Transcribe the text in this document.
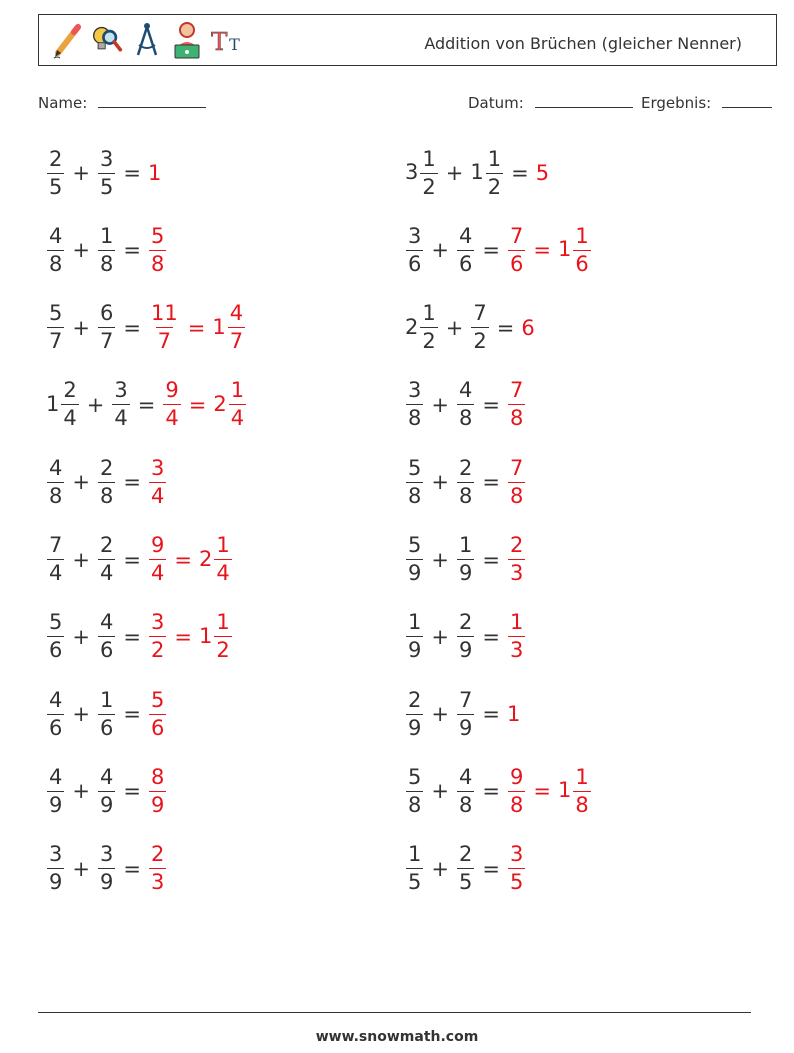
T T	Addition von Brüchen (gleicher Nenner)
Name:	Datum:	Ergebnis:
$\frac{2}{5} + \frac{3}{5} = 1$	$3 \frac{1}{2} + 1 \frac{1}{2} = 5$
$\frac{4}{8} + \frac{1}{8} = \frac{5}{8}$	$\frac{3}{6} + \frac{4}{6} = \frac{7}{6} = 1 \frac{1}{6}$
$\frac{5}{7} + \frac{6}{7} = \frac{11}{7} = 1 \frac{4}{7}$	$2 \frac{1}{2} + \frac{7}{2} = 6$
$1 \frac{2}{4} + \frac{3}{4} = \frac{9}{4} = 2 \frac{1}{4}$	$\frac{3}{8} + \frac{4}{8} = \frac{7}{8}$
$\frac{4}{8} + \frac{2}{8} = \frac{3}{4}$	$\frac{5}{8} + \frac{2}{8} = \frac{7}{8}$
$\frac{7}{4} + \frac{2}{4} = \frac{9}{4} = 2 \frac{1}{4}$	$\frac{5}{9} + \frac{1}{9} = \frac{2}{3}$
$\frac{5}{6} + \frac{4}{6} = \frac{3}{2} = 1 \frac{1}{2}$	$\frac{1}{9} + \frac{2}{9} = \frac{1}{3}$
$\frac{4}{6} + \frac{1}{6} = \frac{5}{6}$	$\frac{2}{9} + \frac{7}{9} = 1$
$\frac{4}{9} + \frac{4}{9} = \frac{8}{9}$	$\frac{5}{8} + \frac{4}{8} = \frac{9}{8} = 1 \frac{1}{8}$
$\frac{3}{9} + \frac{3}{9} = \frac{2}{3}$	$\frac{1}{5} + \frac{2}{5} = \frac{3}{5}$
www.snowmath.com
